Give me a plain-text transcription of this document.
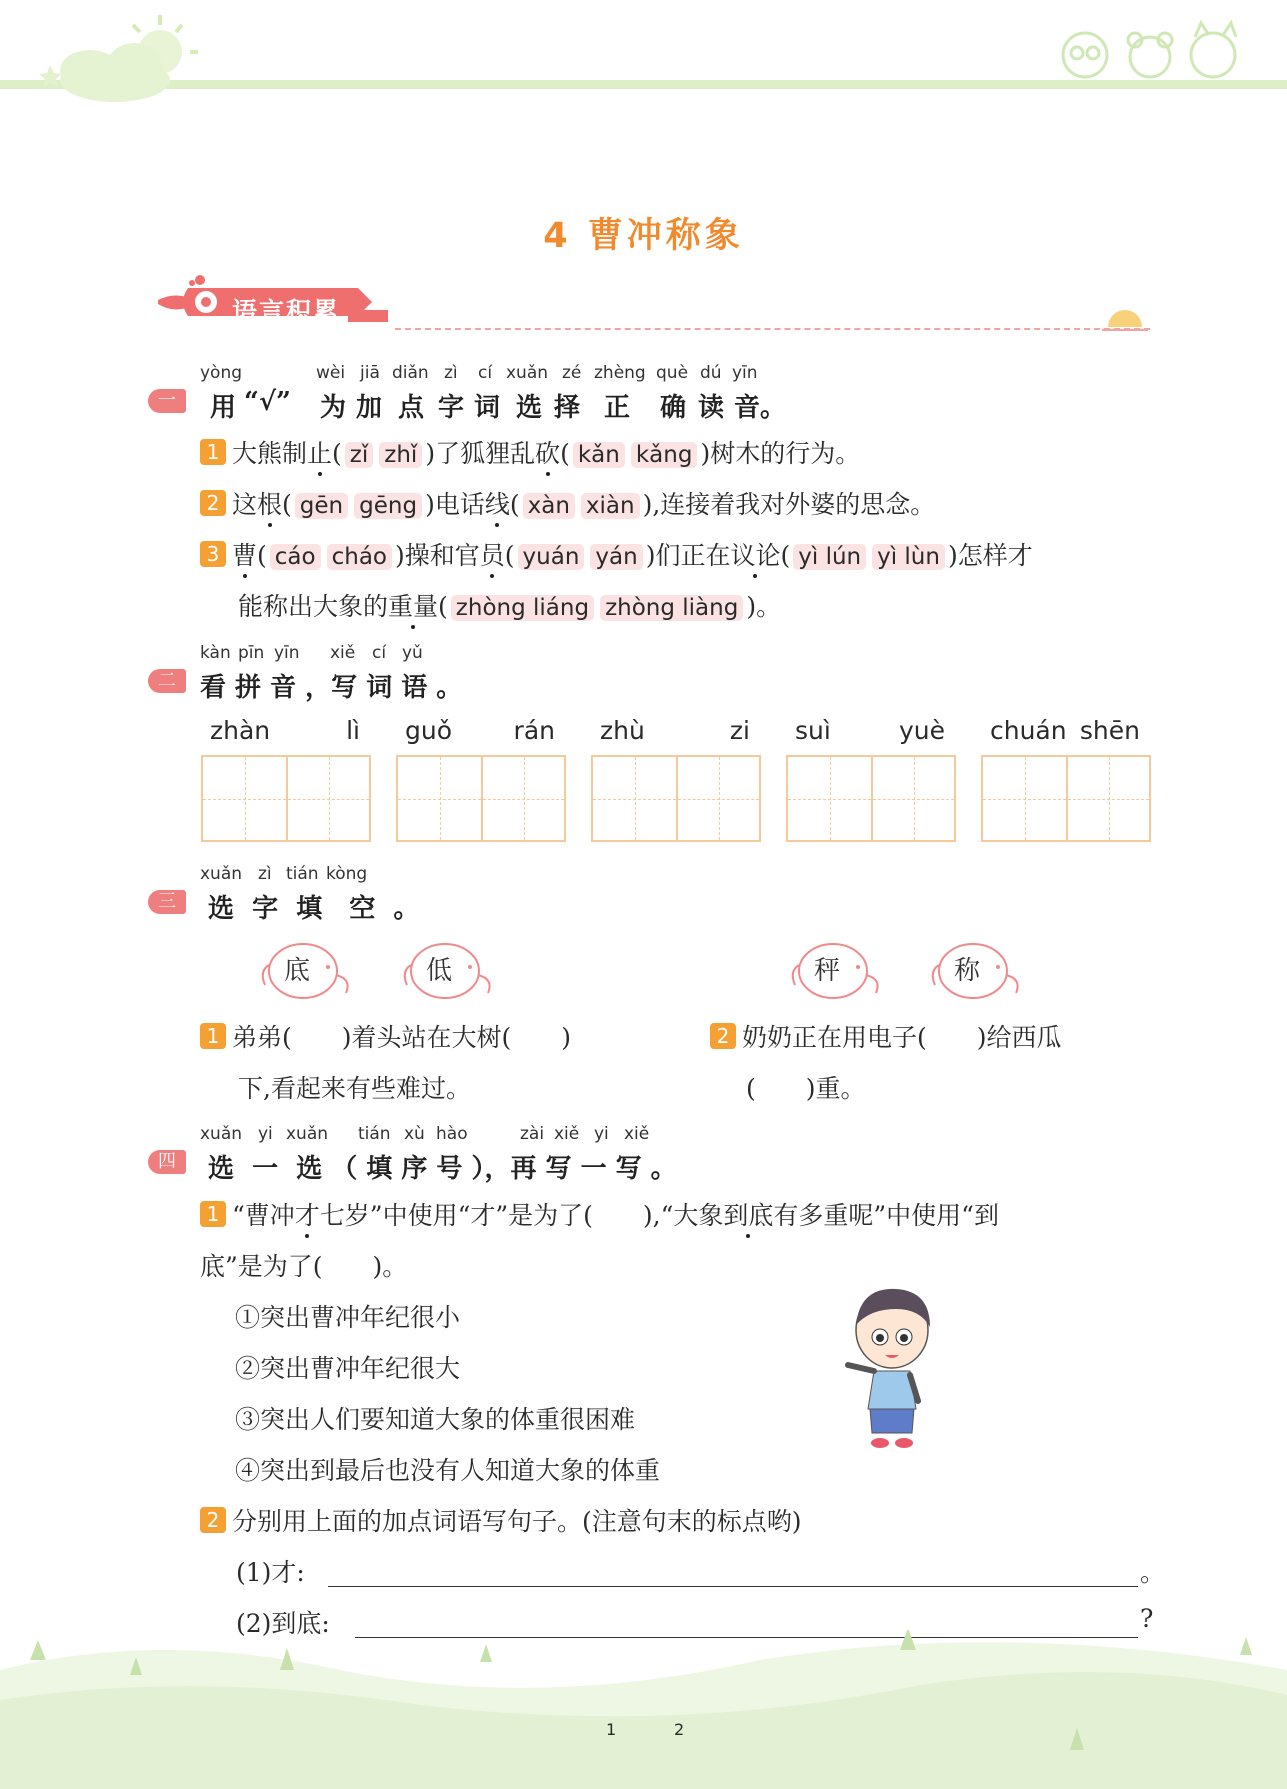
4 曹冲称象
语言积累
一
yòng	wèi jiā diǎn zì cí xuǎn zé zhèng què dú yīn
用 “√” 为 加 点 字 词 选 择 正 确 读 音。
1 大熊制止( zǐ zhǐ )了狐狸乱砍( kǎn kǎng )树木的行为。
2 这根( gēn gēng )电话线( xàn xiàn ),连接着我对外婆的思念。
3 曹( cáo cháo )操和官员( yuán yán )们正在议论( yì lún yì lùn )怎样才
能称出大象的重量( zhòng liáng zhòng liàng )。
二
kàn pīn yīn xiě cí yǔ
看 拼 音 ，写 词 语 。
zhàn	lì guǒ rán zhù	zi suì	yuè chuán shēn
三
xuǎn zì tián kòng
选  字  填   空  。
底	低	秤	称
1 弟弟(　　)着头站在大树(　　)
下,看起来有些难过。
2 奶奶正在用电子(　　)给西瓜
(　　)重。
四
xuǎn yi xuǎn tián xù hào	zài xiě yi xiě
选  一  选 （ 填 序 号 ），再 写 一 写 。
1 “曹冲才七岁”中使用“才”是为了(　　),“大象到底有多重呢”中使用“到
底”是为了(　　)。
①突出曹冲年纪很小
②突出曹冲年纪很大
③突出人们要知道大象的体重很困难
④突出到最后也没有人知道大象的体重
2 分别用上面的加点词语写句子。(注意句末的标点哟)
(1)才:	。
(2)到底:	?
1	2
